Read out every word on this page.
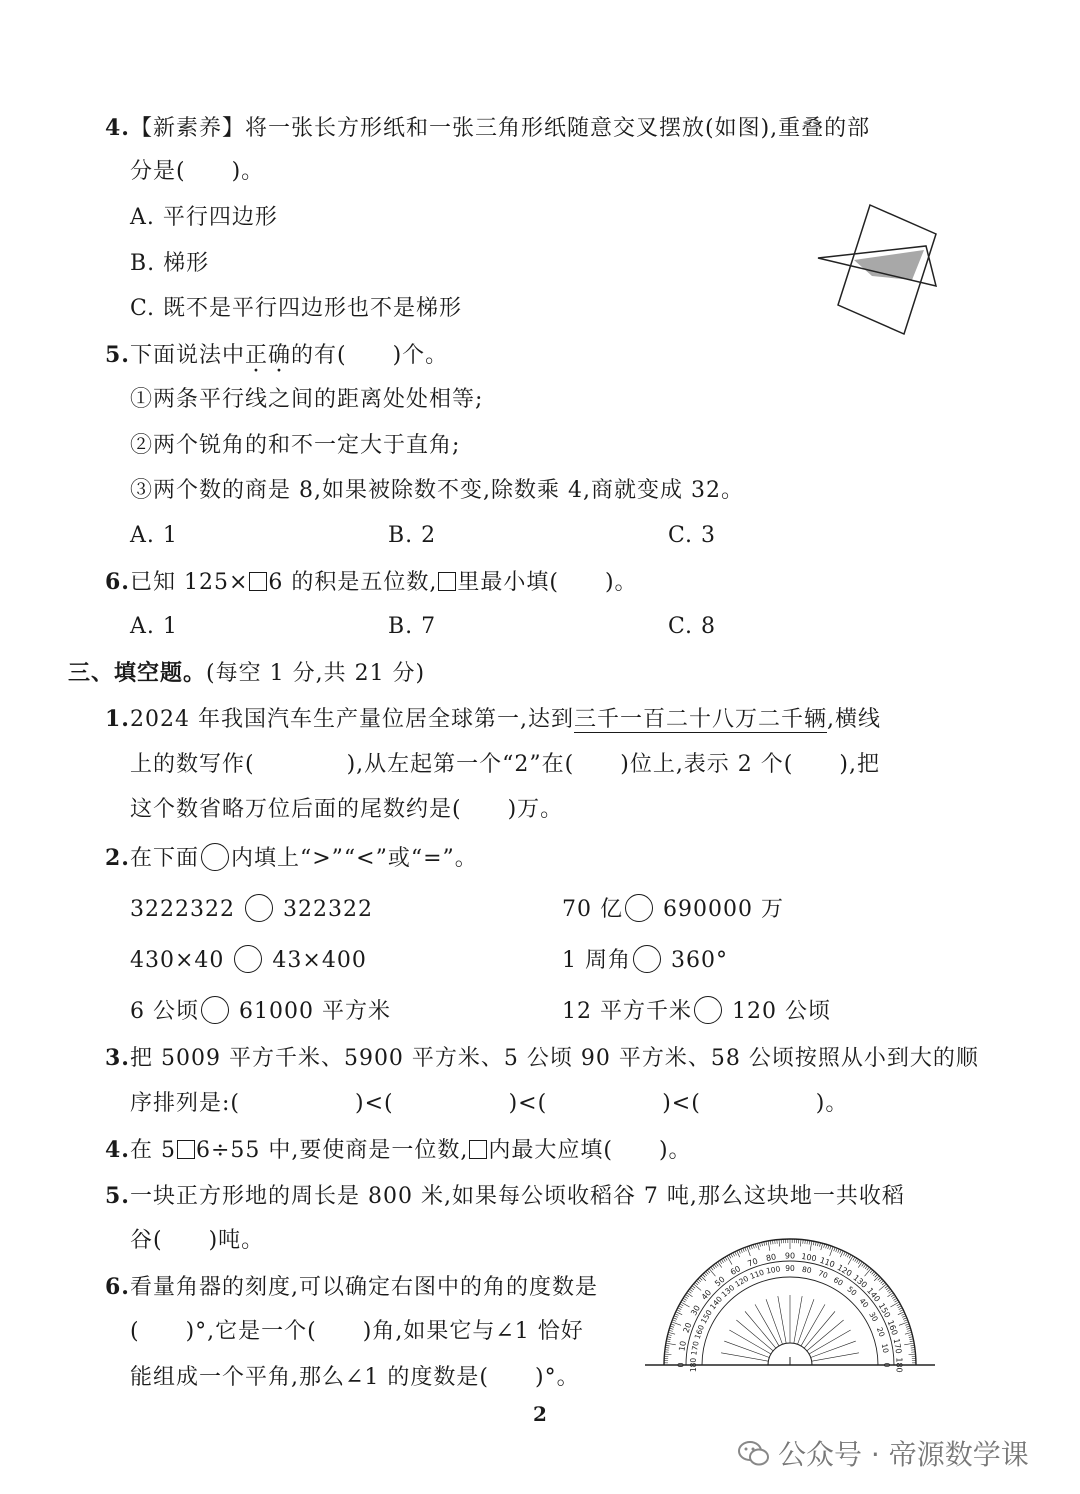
4.【新素养】将一张长方形纸和一张三角形纸随意交叉摆放(如图),重叠的部
分是(　　)。
A. 平行四边形
B. 梯形
C. 既不是平行四边形也不是梯形
5.下面说法中正确的有(　　)个。
①两条平行线之间的距离处处相等;
②两个锐角的和不一定大于直角;
③两个数的商是 8,如果被除数不变,除数乘 4,商就变成 32。
A. 1	B. 2	C. 3
6.已知 125× 6 的积是五位数, 里最小填(　　)。
A. 1	B. 7	C. 8
三、填空题。(每空 1 分,共 21 分)
1.2024 年我国汽车生产量位居全球第一,达到三千一百二十八万二千辆,横线
上的数写作(　　　　),从左起第一个“2”在(　　)位上,表示 2 个(　　),把
这个数省略万位后面的尾数约是(　　)万。
2.在下面 内填上“>”“<”或“=”。
3222322 322322	70 亿 690000 万
430×40 43×400	1 周角 360°
6 公顷 61000 平方米	12 平方千米 120 公顷
3.把 5009 平方千米、5900 平方米、5 公顷 90 平方米、58 公顷按照从小到大的顺
序排列是:(　　　　　)<(　　　　　)<(　　　　　)<(　　　　　)。
4.在 5 6÷55 中,要使商是一位数, 内最大应填(　　)。
5.一块正方形地的周长是 800 米,如果每公顷收稻谷 7 吨,那么这块地一共收稻
谷(　　)吨。
6.看量角器的刻度,可以确定右图中的角的度数是
(　　)°,它是一个(　　)角,如果它与∠1 恰好
能组成一个平角,那么∠1 的度数是(　　)°。	0
10
20
30
40
50
60
70 80 90 100 110
120
130
140
150
160
170
180
180
170
160
150
140
130
120
110 100 90 80 70
60
50
40
30
20
10
0
2
公众号 · 帝源数学课
